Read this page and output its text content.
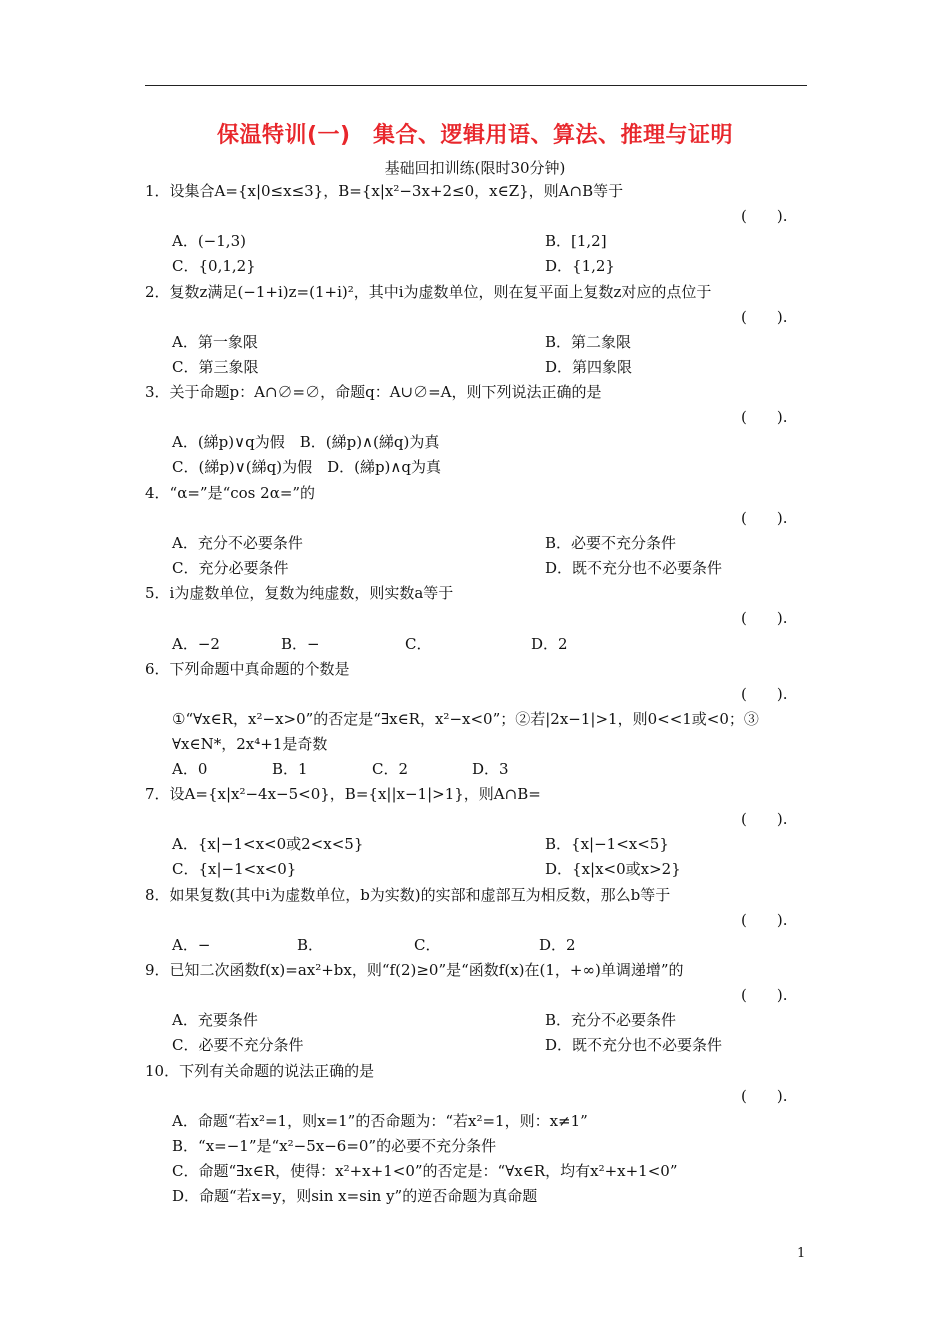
保温特训(一)　集合、逻辑用语、算法、推理与证明
基础回扣训练(限时30分钟)
1．设集合A={x|0≤x≤3}，B={x|x²−3x+2≤0，x∈Z}，则A∩B等于
(　　).
A．(−1,3)	B．[1,2]
C．{0,1,2}	D．{1,2}
2．复数z满足(−1+i)z=(1+i)²，其中i为虚数单位，则在复平面上复数z对应的点位于
(　　).
A．第一象限	B．第二象限
C．第三象限	D．第四象限
3．关于命题p：A∩∅=∅，命题q：A∪∅=A，则下列说法正确的是
(　　).
A．(綈p)∨q为假　B．(綈p)∧(綈q)为真
C．(綈p)∨(綈q)为假　D．(綈p)∧q为真
4．“α=”是“cos 2α=”的
(　　).
A．充分不必要条件	B．必要不充分条件
C．充分必要条件	D．既不充分也不必要条件
5．i为虚数单位，复数为纯虚数，则实数a等于
(　　).
A．−2	B．−	C．	D．2
6．下列命题中真命题的个数是
(　　).
①“∀x∈R，x²−x>0”的否定是“∃x∈R，x²−x<0”；②若|2x−1|>1，则0<<1或<0；③
∀x∈N*，2x⁴+1是奇数
A．0	B．1	C．2	D．3
7．设A={x|x²−4x−5<0}，B={x||x−1|>1}，则A∩B=
(　　).
A．{x|−1<x<0或2<x<5}	B．{x|−1<x<5}
C．{x|−1<x<0}	D．{x|x<0或x>2}
8．如果复数(其中i为虚数单位，b为实数)的实部和虚部互为相反数，那么b等于
(　　).
A．−	B．	C．	D．2
9．已知二次函数f(x)=ax²+bx，则“f(2)≥0”是“函数f(x)在(1，+∞)单调递增”的
(　　).
A．充要条件	B．充分不必要条件
C．必要不充分条件	D．既不充分也不必要条件
10．下列有关命题的说法正确的是
(　　).
A．命题“若x²=1，则x=1”的否命题为：“若x²=1，则：x≠1”
B．“x=−1”是“x²−5x−6=0”的必要不充分条件
C．命题“∃x∈R，使得：x²+x+1<0”的否定是：“∀x∈R，均有x²+x+1<0”
D．命题“若x=y，则sin x=sin y”的逆否命题为真命题
1
